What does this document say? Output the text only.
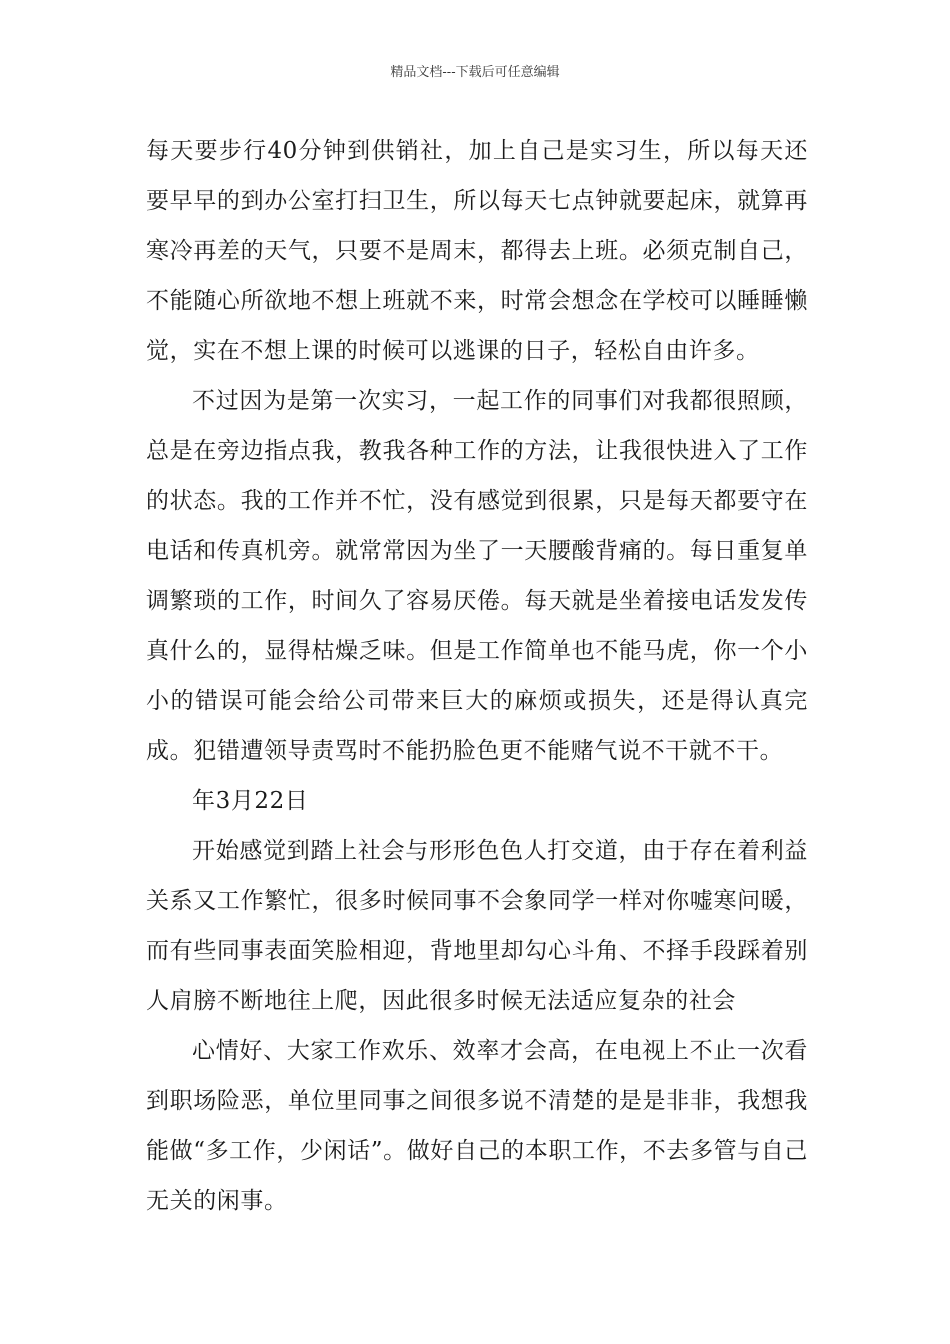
精品文档---下载后可任意编辑

每天要步行40分钟到供销社，加上自己是实习生，所以每天还要早早的到办公室打扫卫生，所以每天七点钟就要起床，就算再寒冷再差的天气，只要不是周末，都得去上班。必须克制自己，不能随心所欲地不想上班就不来，时常会想念在学校可以睡睡懒觉，实在不想上课的时候可以逃课的日子，轻松自由许多。

不过因为是第一次实习，一起工作的同事们对我都很照顾，总是在旁边指点我，教我各种工作的方法，让我很快进入了工作的状态。我的工作并不忙，没有感觉到很累，只是每天都要守在电话和传真机旁。就常常因为坐了一天腰酸背痛的。每日重复单调繁琐的工作，时间久了容易厌倦。每天就是坐着接电话发发传真什么的，显得枯燥乏味。但是工作简单也不能马虎，你一个小小的错误可能会给公司带来巨大的麻烦或损失，还是得认真完成。犯错遭领导责骂时不能扔脸色更不能赌气说不干就不干。

年3月22日

开始感觉到踏上社会与形形色色人打交道，由于存在着利益关系又工作繁忙，很多时候同事不会象同学一样对你嘘寒问暖，而有些同事表面笑脸相迎，背地里却勾心斗角、不择手段踩着别人肩膀不断地往上爬，因此很多时候无法适应复杂的社会

心情好、大家工作欢乐、效率才会高，在电视上不止一次看到职场险恶，单位里同事之间很多说不清楚的是是非非，我想我能做“多工作，少闲话”。做好自己的本职工作，不去多管与自己无关的闲事。
